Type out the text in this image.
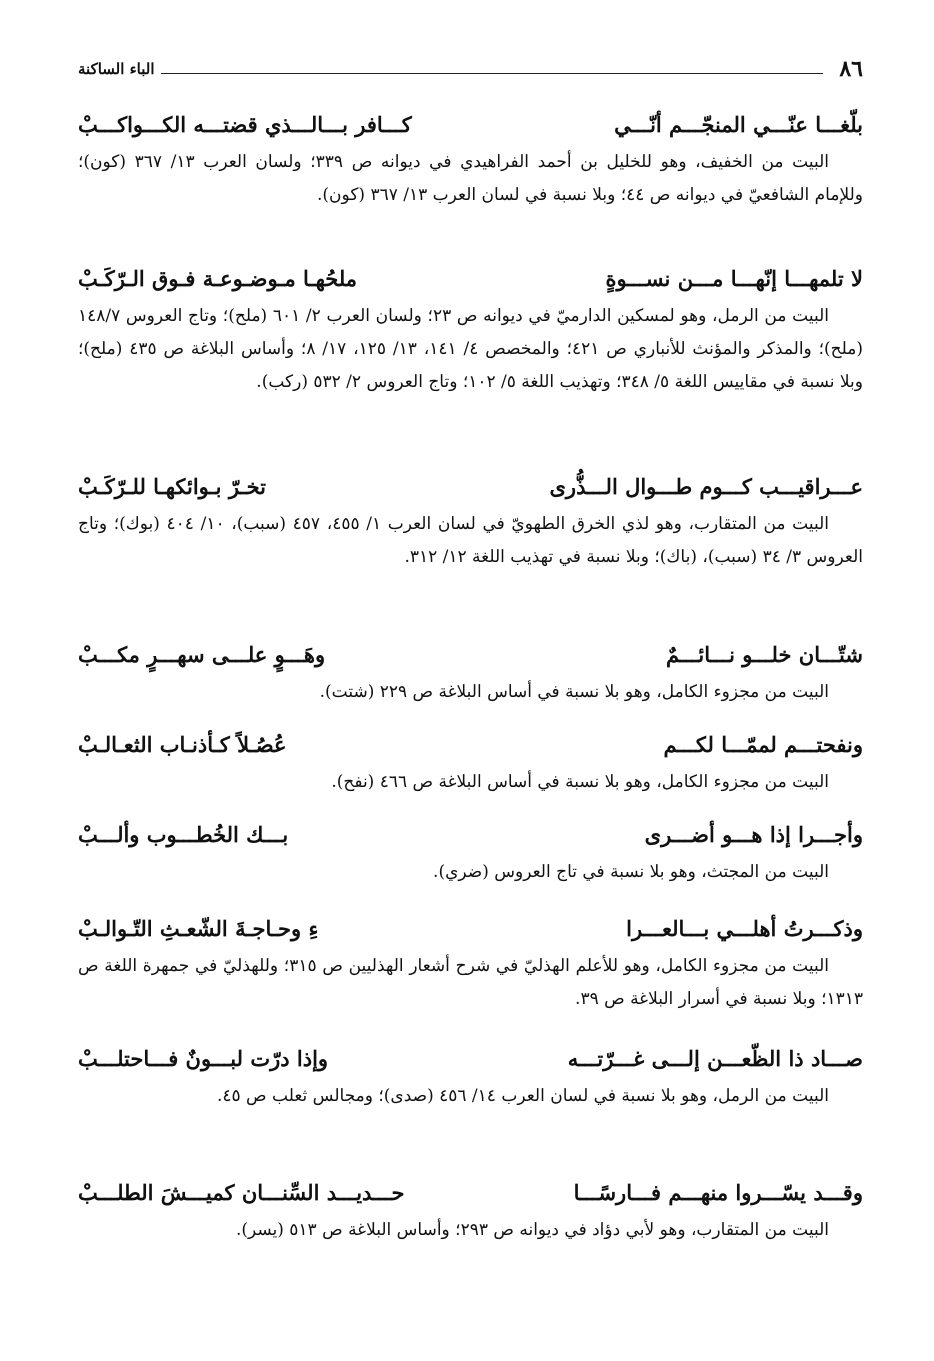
٨٦
الباء الساكنة
بلّغـــا عنّـــي المنجّـــم أنّـــي
كـــافر بـــالـــذي قضتـــه الكـــواكـــبْ
البيت من الخفيف، وهو للخليل بن أحمد الفراهيدي في ديوانه ص ٣٣٩؛ ولسان العرب ١٣/ ٣٦٧ (كون)؛ وللإمام الشافعيّ في ديوانه ص ٤٤؛ وبلا نسبة في لسان العرب ١٣/ ٣٦٧ (كون).
لا تلمهـــا إنّهـــا مـــن نســـوةٍ
ملحُهـا مـوضـوعـة فـوق الـرّكَـبْ
البيت من الرمل، وهو لمسكين الدارميّ في ديوانه ص ٢٣؛ ولسان العرب ٢/ ٦٠١ (ملح)؛ وتاج العروس ١٤٨/٧ (ملح)؛ والمذكر والمؤنث للأنباري ص ٤٢١؛ والمخصص ٤/ ١٤١، ١٣/ ١٢٥، ١٧/ ٨؛ وأساس البلاغة ص ٤٣٥ (ملح)؛ وبلا نسبة في مقاييس اللغة ٥/ ٣٤٨؛ وتهذيب اللغة ٥/ ١٠٢؛ وتاج العروس ٢/ ٥٣٢ (ركب).
عـــراقيـــب كـــوم طـــوال الـــذُّرى
تخـرّ بـوائكهـا للـرّكَـبْ
البيت من المتقارب، وهو لذي الخرق الطهويّ في لسان العرب ١/ ٤٥٥، ٤٥٧ (سبب)، ١٠/ ٤٠٤ (بوك)؛ وتاج العروس ٣/ ٣٤ (سبب)، (باك)؛ وبلا نسبة في تهذيب اللغة ١٢/ ٣١٢.
شتّـــان خلـــو نـــائـــمٌ
وهَـــوٍ علـــى سهـــرٍ مكـــبْ
البيت من مجزوء الكامل، وهو بلا نسبة في أساس البلاغة ص ٢٢٩ (شتت).
ونفحتـــم لممّـــا لكـــم
عُصُـلاً كـأذنـاب الثعـالـبْ
البيت من مجزوء الكامل، وهو بلا نسبة في أساس البلاغة ص ٤٦٦ (نفح).
وأجـــرا إذا هـــو أضـــرى
بـــك الخُطـــوب وألـــبْ
البيت من المجتث، وهو بلا نسبة في تاج العروس (ضري).
وذكـــرتُ أهلـــي بـــالعـــرا
ءِ وحـاجـةَ الشّعـثِ التّـوالـبْ
البيت من مجزوء الكامل، وهو للأعلم الهذليّ في شرح أشعار الهذليين ص ٣١٥؛ وللهذليّ في جمهرة اللغة ص ١٣١٣؛ وبلا نسبة في أسرار البلاغة ص ٣٩.
صـــاد ذا الظّعـــن إلـــى غـــرّتـــه
وإذا درّت لبـــونٌ فـــاحتلـــبْ
البيت من الرمل، وهو بلا نسبة في لسان العرب ١٤/ ٤٥٦ (صدى)؛ ومجالس ثعلب ص ٤٥.
وقـــد يسّـــروا منهـــم فـــارسًـــا
حـــديـــد السِّنـــان كميـــشَ الطلـــبْ
البيت من المتقارب، وهو لأبي دؤاد في ديوانه ص ٢٩٣؛ وأساس البلاغة ص ٥١٣ (يسر).
